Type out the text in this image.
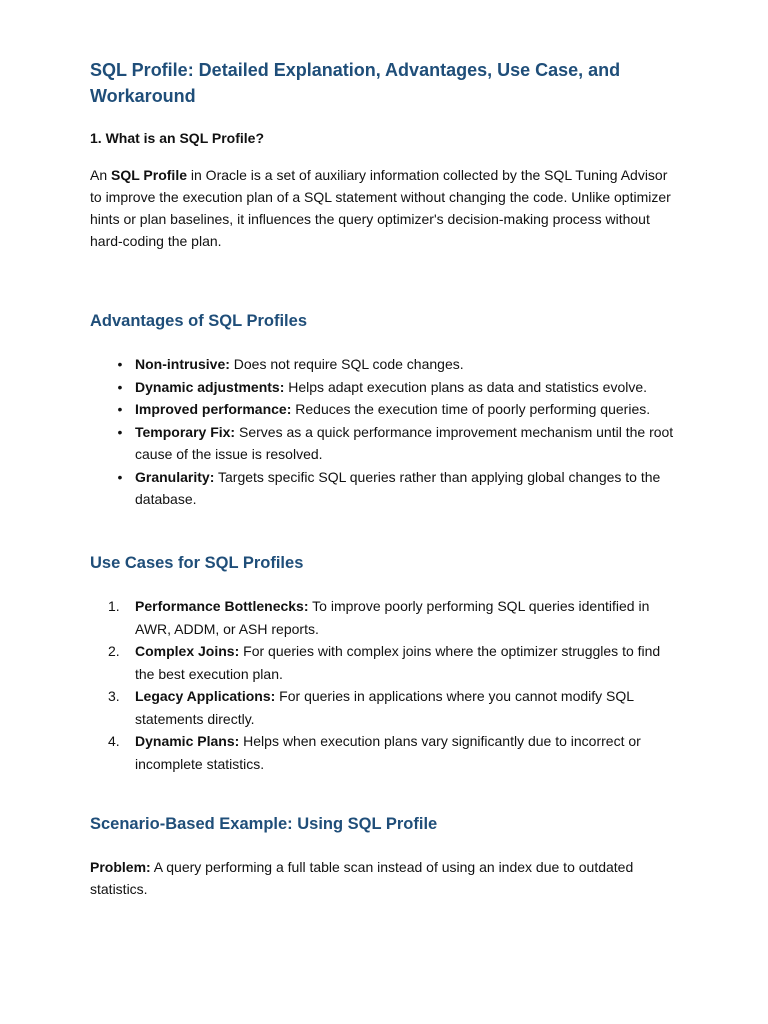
SQL Profile: Detailed Explanation, Advantages, Use Case, and Workaround
1. What is an SQL Profile?

An SQL Profile in Oracle is a set of auxiliary information collected by the SQL Tuning Advisor to improve the execution plan of a SQL statement without changing the code. Unlike optimizer hints or plan baselines, it influences the query optimizer's decision-making process without hard-coding the plan.

Advantages of SQL Profiles
• Non-intrusive: Does not require SQL code changes.
• Dynamic adjustments: Helps adapt execution plans as data and statistics evolve.
• Improved performance: Reduces the execution time of poorly performing queries.
• Temporary Fix: Serves as a quick performance improvement mechanism until the root cause of the issue is resolved.
• Granularity: Targets specific SQL queries rather than applying global changes to the database.
Use Cases for SQL Profiles
1.	Performance Bottlenecks: To improve poorly performing SQL queries identified in AWR, ADDM, or ASH reports.
2.	Complex Joins: For queries with complex joins where the optimizer struggles to find the best execution plan.
3.	Legacy Applications: For queries in applications where you cannot modify SQL statements directly.
4.	Dynamic Plans: Helps when execution plans vary significantly due to incorrect or incomplete statistics.
Scenario-Based Example: Using SQL Profile

Problem: A query performing a full table scan instead of using an index due to outdated statistics.
